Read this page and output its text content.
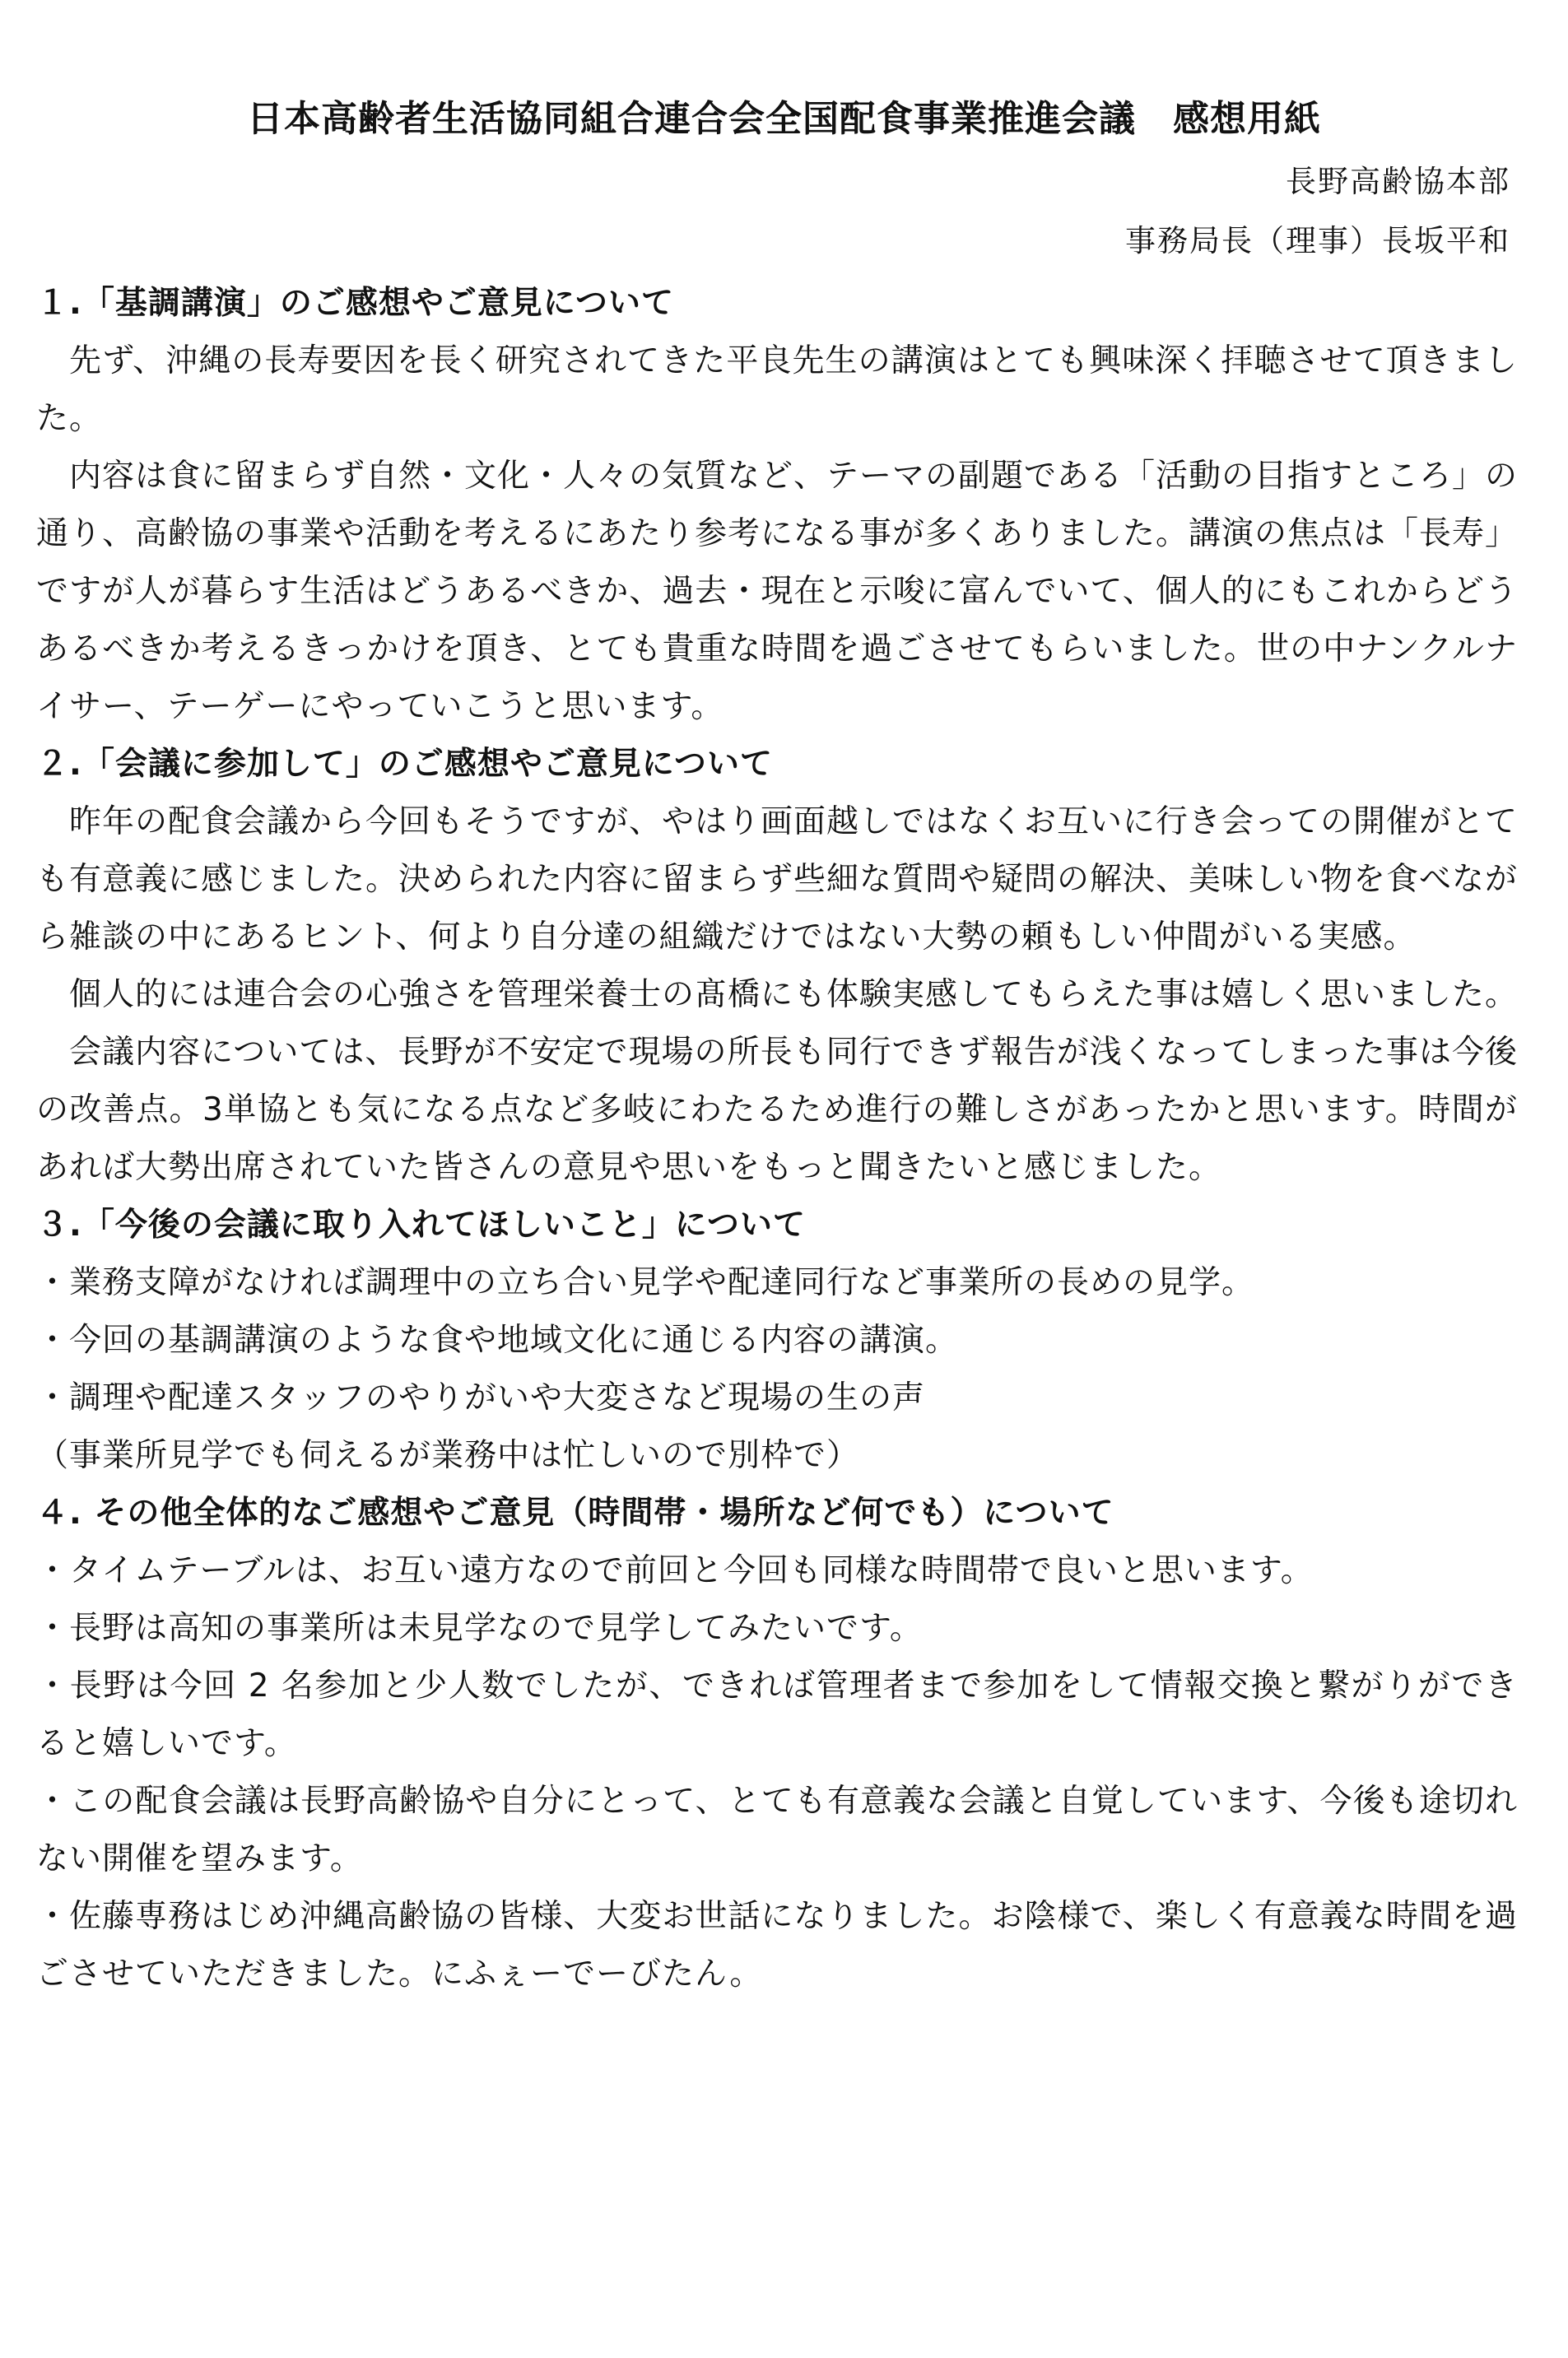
日本高齢者生活協同組合連合会全国配食事業推進会議　感想用紙
長野高齢協本部
事務局長（理事）長坂平和

１.「基調講演」のご感想やご意見について

先ず、沖縄の長寿要因を長く研究されてきた平良先生の講演はとても興味深く拝聴させて頂きました。

内容は食に留まらず自然・文化・人々の気質など、テーマの副題である「活動の目指すところ」の通り、高齢協の事業や活動を考えるにあたり参考になる事が多くありました。講演の焦点は「長寿」ですが人が暮らす生活はどうあるべきか、過去・現在と示唆に富んでいて、個人的にもこれからどうあるべきか考えるきっかけを頂き、とても貴重な時間を過ごさせてもらいました。世の中ナンクルナイサー、テーゲーにやっていこうと思います。

２.「会議に参加して」のご感想やご意見について

昨年の配食会議から今回もそうですが、やはり画面越しではなくお互いに行き会っての開催がとても有意義に感じました。決められた内容に留まらず些細な質問や疑問の解決、美味しい物を食べながら雑談の中にあるヒント、何より自分達の組織だけではない大勢の頼もしい仲間がいる実感。

個人的には連合会の心強さを管理栄養士の髙橋にも体験実感してもらえた事は嬉しく思いました。

会議内容については、長野が不安定で現場の所長も同行できず報告が浅くなってしまった事は今後の改善点。3単協とも気になる点など多岐にわたるため進行の難しさがあったかと思います。時間があれば大勢出席されていた皆さんの意見や思いをもっと聞きたいと感じました。

３.「今後の会議に取り入れてほしいこと」について

・業務支障がなければ調理中の立ち合い見学や配達同行など事業所の長めの見学。

・今回の基調講演のような食や地域文化に通じる内容の講演。

・調理や配達スタッフのやりがいや大変さなど現場の生の声

（事業所見学でも伺えるが業務中は忙しいので別枠で）

４. その他全体的なご感想やご意見（時間帯・場所など何でも）について

・タイムテーブルは、お互い遠方なので前回と今回も同様な時間帯で良いと思います。

・長野は高知の事業所は未見学なので見学してみたいです。

・長野は今回 2 名参加と少人数でしたが、できれば管理者まで参加をして情報交換と繋がりができると嬉しいです。

・この配食会議は長野高齢協や自分にとって、とても有意義な会議と自覚しています、今後も途切れない開催を望みます。

・佐藤専務はじめ沖縄高齢協の皆様、大変お世話になりました。お陰様で、楽しく有意義な時間を過ごさせていただきました。にふぇーでーびたん。
